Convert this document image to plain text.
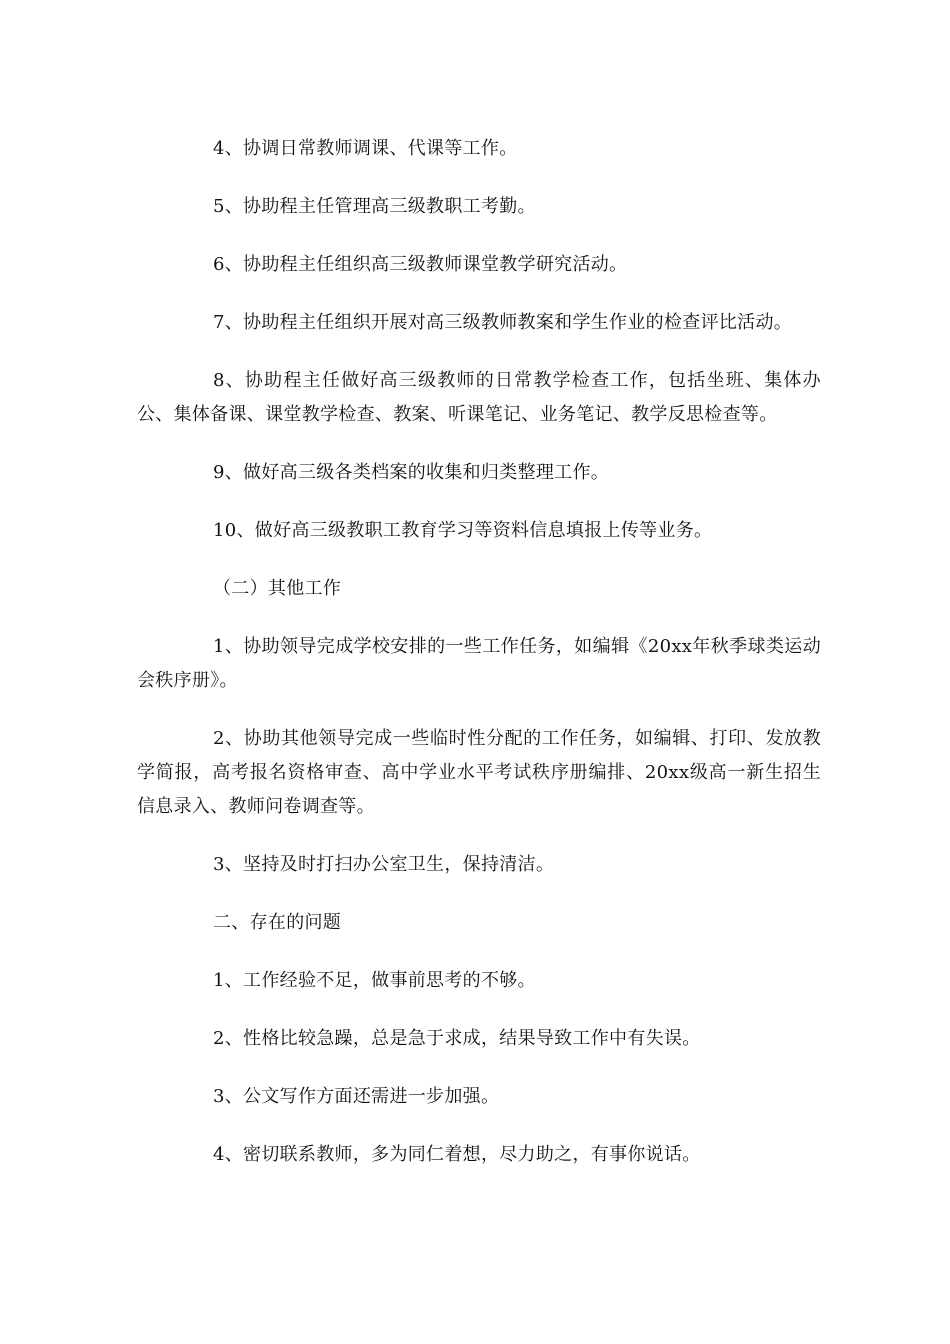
4、协调日常教师调课、代课等工作。

5、协助程主任管理高三级教职工考勤。

6、协助程主任组织高三级教师课堂教学研究活动。

7、协助程主任组织开展对高三级教师教案和学生作业的检查评比活动。

8、协助程主任做好高三级教师的日常教学检查工作，包括坐班、集体办公、集体备课、课堂教学检查、教案、听课笔记、业务笔记、教学反思检查等。

9、做好高三级各类档案的收集和归类整理工作。

10、做好高三级教职工教育学习等资料信息填报上传等业务。

（二）其他工作

1、协助领导完成学校安排的一些工作任务，如编辑《20xx年秋季球类运动会秩序册》。

2、协助其他领导完成一些临时性分配的工作任务，如编辑、打印、发放教学简报，高考报名资格审查、高中学业水平考试秩序册编排、20xx级高一新生招生信息录入、教师问卷调查等。

3、坚持及时打扫办公室卫生，保持清洁。

二、存在的问题

1、工作经验不足，做事前思考的不够。

2、性格比较急躁，总是急于求成，结果导致工作中有失误。

3、公文写作方面还需进一步加强。

4、密切联系教师，多为同仁着想，尽力助之，有事你说话。
